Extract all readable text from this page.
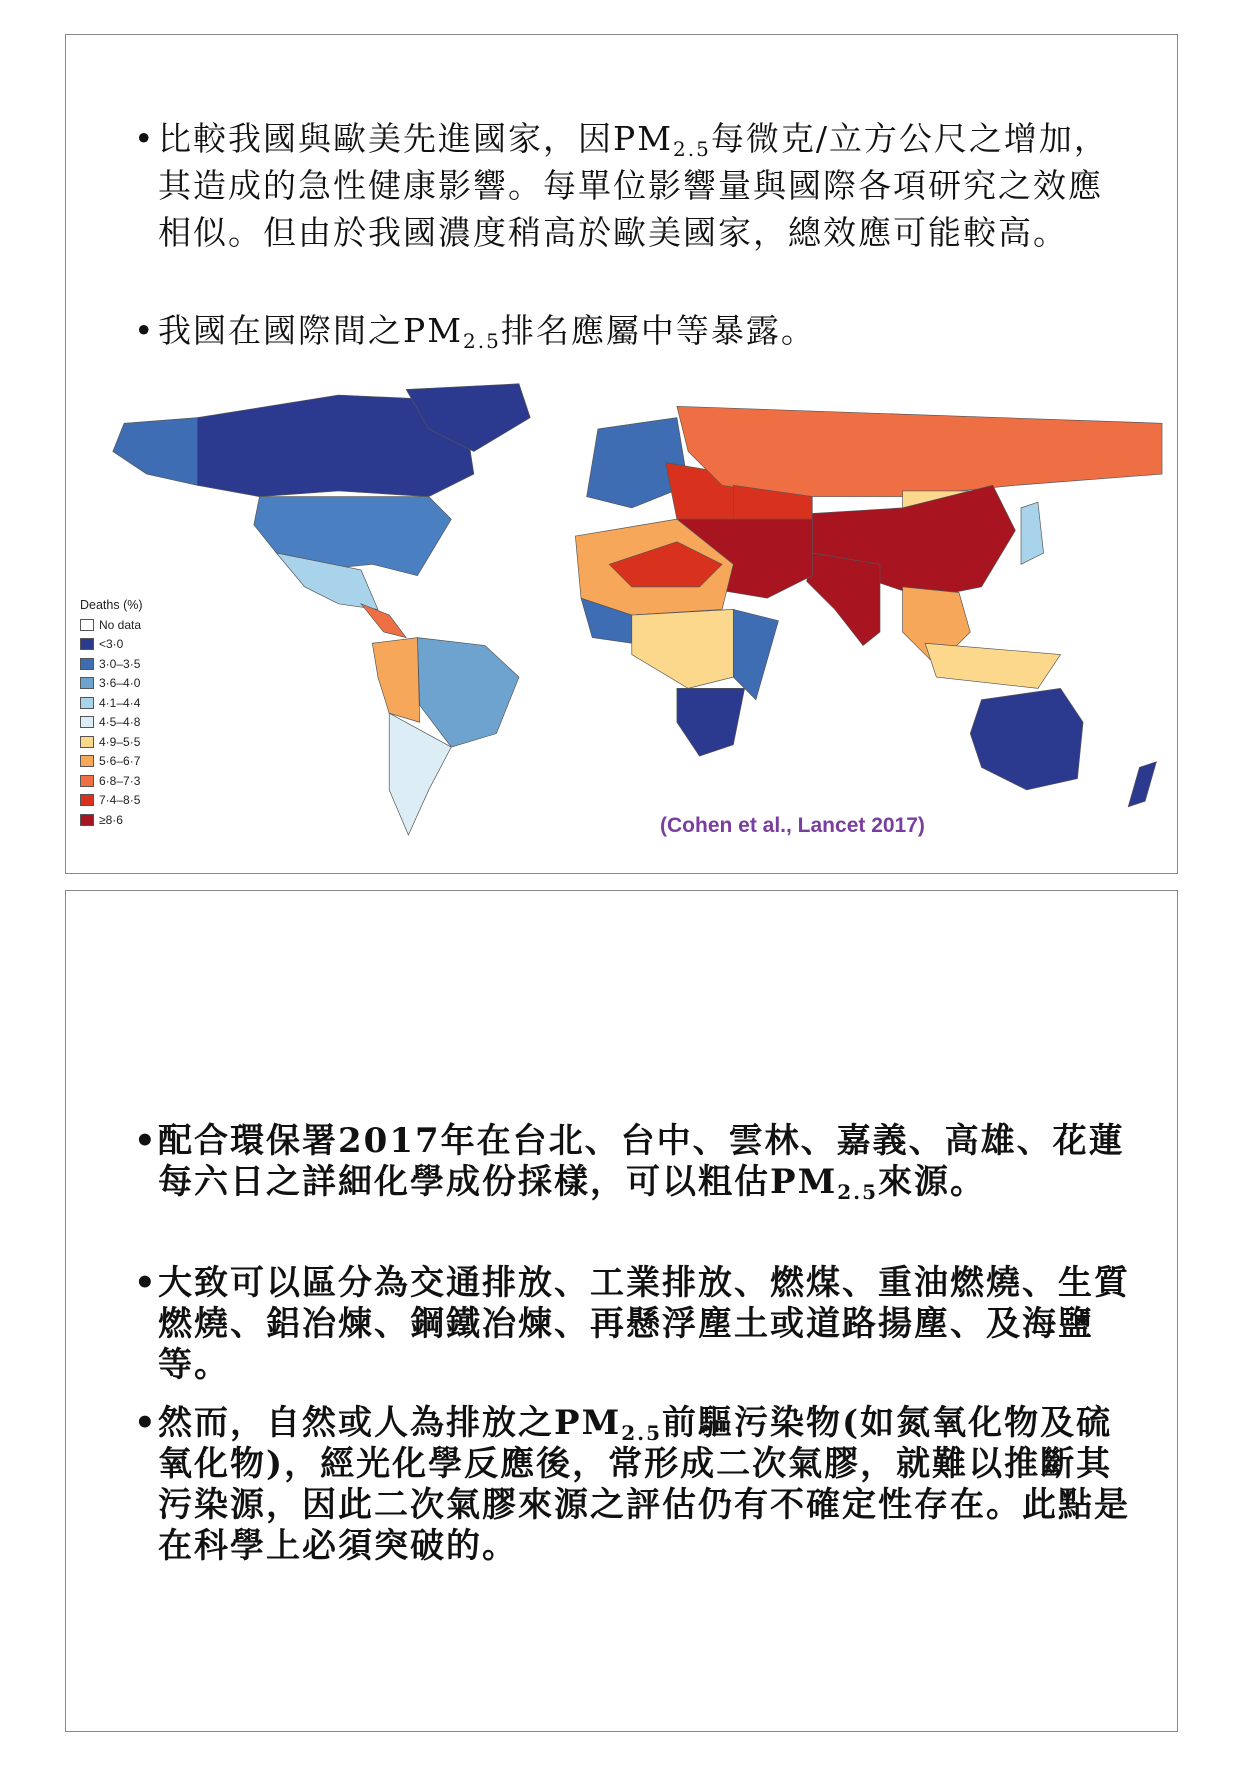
• 比較我國與歐美先進國家，因$PM_{2.5}$每微克/立方公尺之增加，其造成的急性健康影響。每單位影響量與國際各項研究之效應相似。但由於我國濃度稍高於歐美國家，總效應可能較高。
• 我國在國際間之$PM_{2.5}$排名應屬中等暴露。
Deaths (%)
No data
<3·0
3·0–3·5
3·6–4·0
4·1–4·4
4·5–4·8
4·9–5·5
5·6–6·7
6·8–7·3
7·4–8·5
≥8·6	(Cohen et al., Lancet 2017)
• 配合環保署2017年在台北、台中、雲林、嘉義、高雄、花蓮每六日之詳細化學成份採樣，可以粗估$PM_{2.5}$來源。
• 大致可以區分為交通排放、工業排放、燃煤、重油燃燒、生質燃燒、鋁冶煉、鋼鐵冶煉、再懸浮塵土或道路揚塵、及海鹽等。
• 然而，自然或人為排放之$PM_{2.5}$前驅污染物(如氮氧化物及硫氧化物)，經光化學反應後，常形成二次氣膠，就難以推斷其污染源，因此二次氣膠來源之評估仍有不確定性存在。此點是在科學上必須突破的。
